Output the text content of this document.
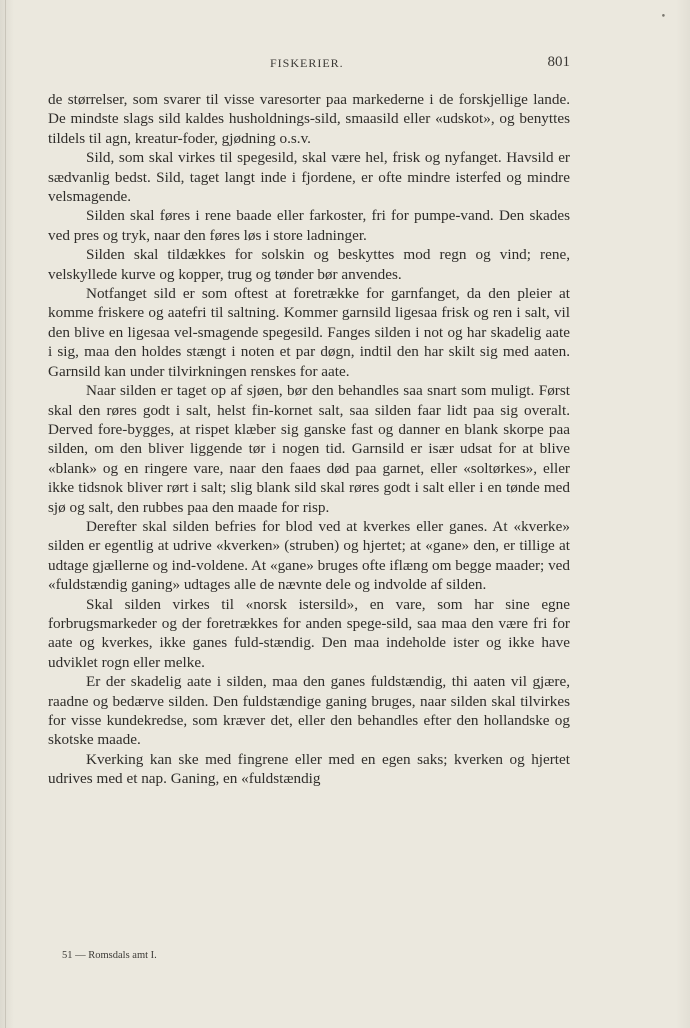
•
FISKERIER.	801

de størrelser, som svarer til visse varesorter paa markederne i de forskjellige lande. De mindste slags sild kaldes husholdnings-sild, smaasild eller «udskot», og benyttes tildels til agn, kreatur-foder, gjødning o.s.v.

Sild, som skal virkes til spegesild, skal være hel, frisk og nyfanget. Havsild er sædvanlig bedst. Sild, taget langt inde i fjordene, er ofte mindre isterfed og mindre velsmagende.

Silden skal føres i rene baade eller farkoster, fri for pumpe-vand. Den skades ved pres og tryk, naar den føres løs i store ladninger.

Silden skal tildækkes for solskin og beskyttes mod regn og vind; rene, velskyllede kurve og kopper, trug og tønder bør anvendes.

Notfanget sild er som oftest at foretrække for garnfanget, da den pleier at komme friskere og aatefri til saltning. Kommer garnsild ligesaa frisk og ren i salt, vil den blive en ligesaa vel-smagende spegesild. Fanges silden i not og har skadelig aate i sig, maa den holdes stængt i noten et par døgn, indtil den har skilt sig med aaten. Garnsild kan under tilvirkningen renskes for aate.

Naar silden er taget op af sjøen, bør den behandles saa snart som muligt. Først skal den røres godt i salt, helst fin-kornet salt, saa silden faar lidt paa sig overalt. Derved fore-bygges, at rispet klæber sig ganske fast og danner en blank skorpe paa silden, om den bliver liggende tør i nogen tid. Garnsild er især udsat for at blive «blank» og en ringere vare, naar den faaes død paa garnet, eller «soltørkes», eller ikke tidsnok bliver rørt i salt; slig blank sild skal røres godt i salt eller i en tønde med sjø og salt, den rubbes paa den maade for risp.

Derefter skal silden befries for blod ved at kverkes eller ganes. At «kverke» silden er egentlig at udrive «kverken» (struben) og hjertet; at «gane» den, er tillige at udtage gjællerne og ind-voldene. At «gane» bruges ofte iflæng om begge maader; ved «fuldstændig ganing» udtages alle de nævnte dele og indvolde af silden.

Skal silden virkes til «norsk istersild», en vare, som har sine egne forbrugsmarkeder og der foretrækkes for anden spege-sild, saa maa den være fri for aate og kverkes, ikke ganes fuld-stændig. Den maa indeholde ister og ikke have udviklet rogn eller melke.

Er der skadelig aate i silden, maa den ganes fuldstændig, thi aaten vil gjære, raadne og bedærve silden. Den fuldstændige ganing bruges, naar silden skal tilvirkes for visse kundekredse, som kræver det, eller den behandles efter den hollandske og skotske maade.

Kverking kan ske med fingrene eller med en egen saks; kverken og hjertet udrives med et nap. Ganing, en «fuldstændig

51 — Romsdals amt I.
